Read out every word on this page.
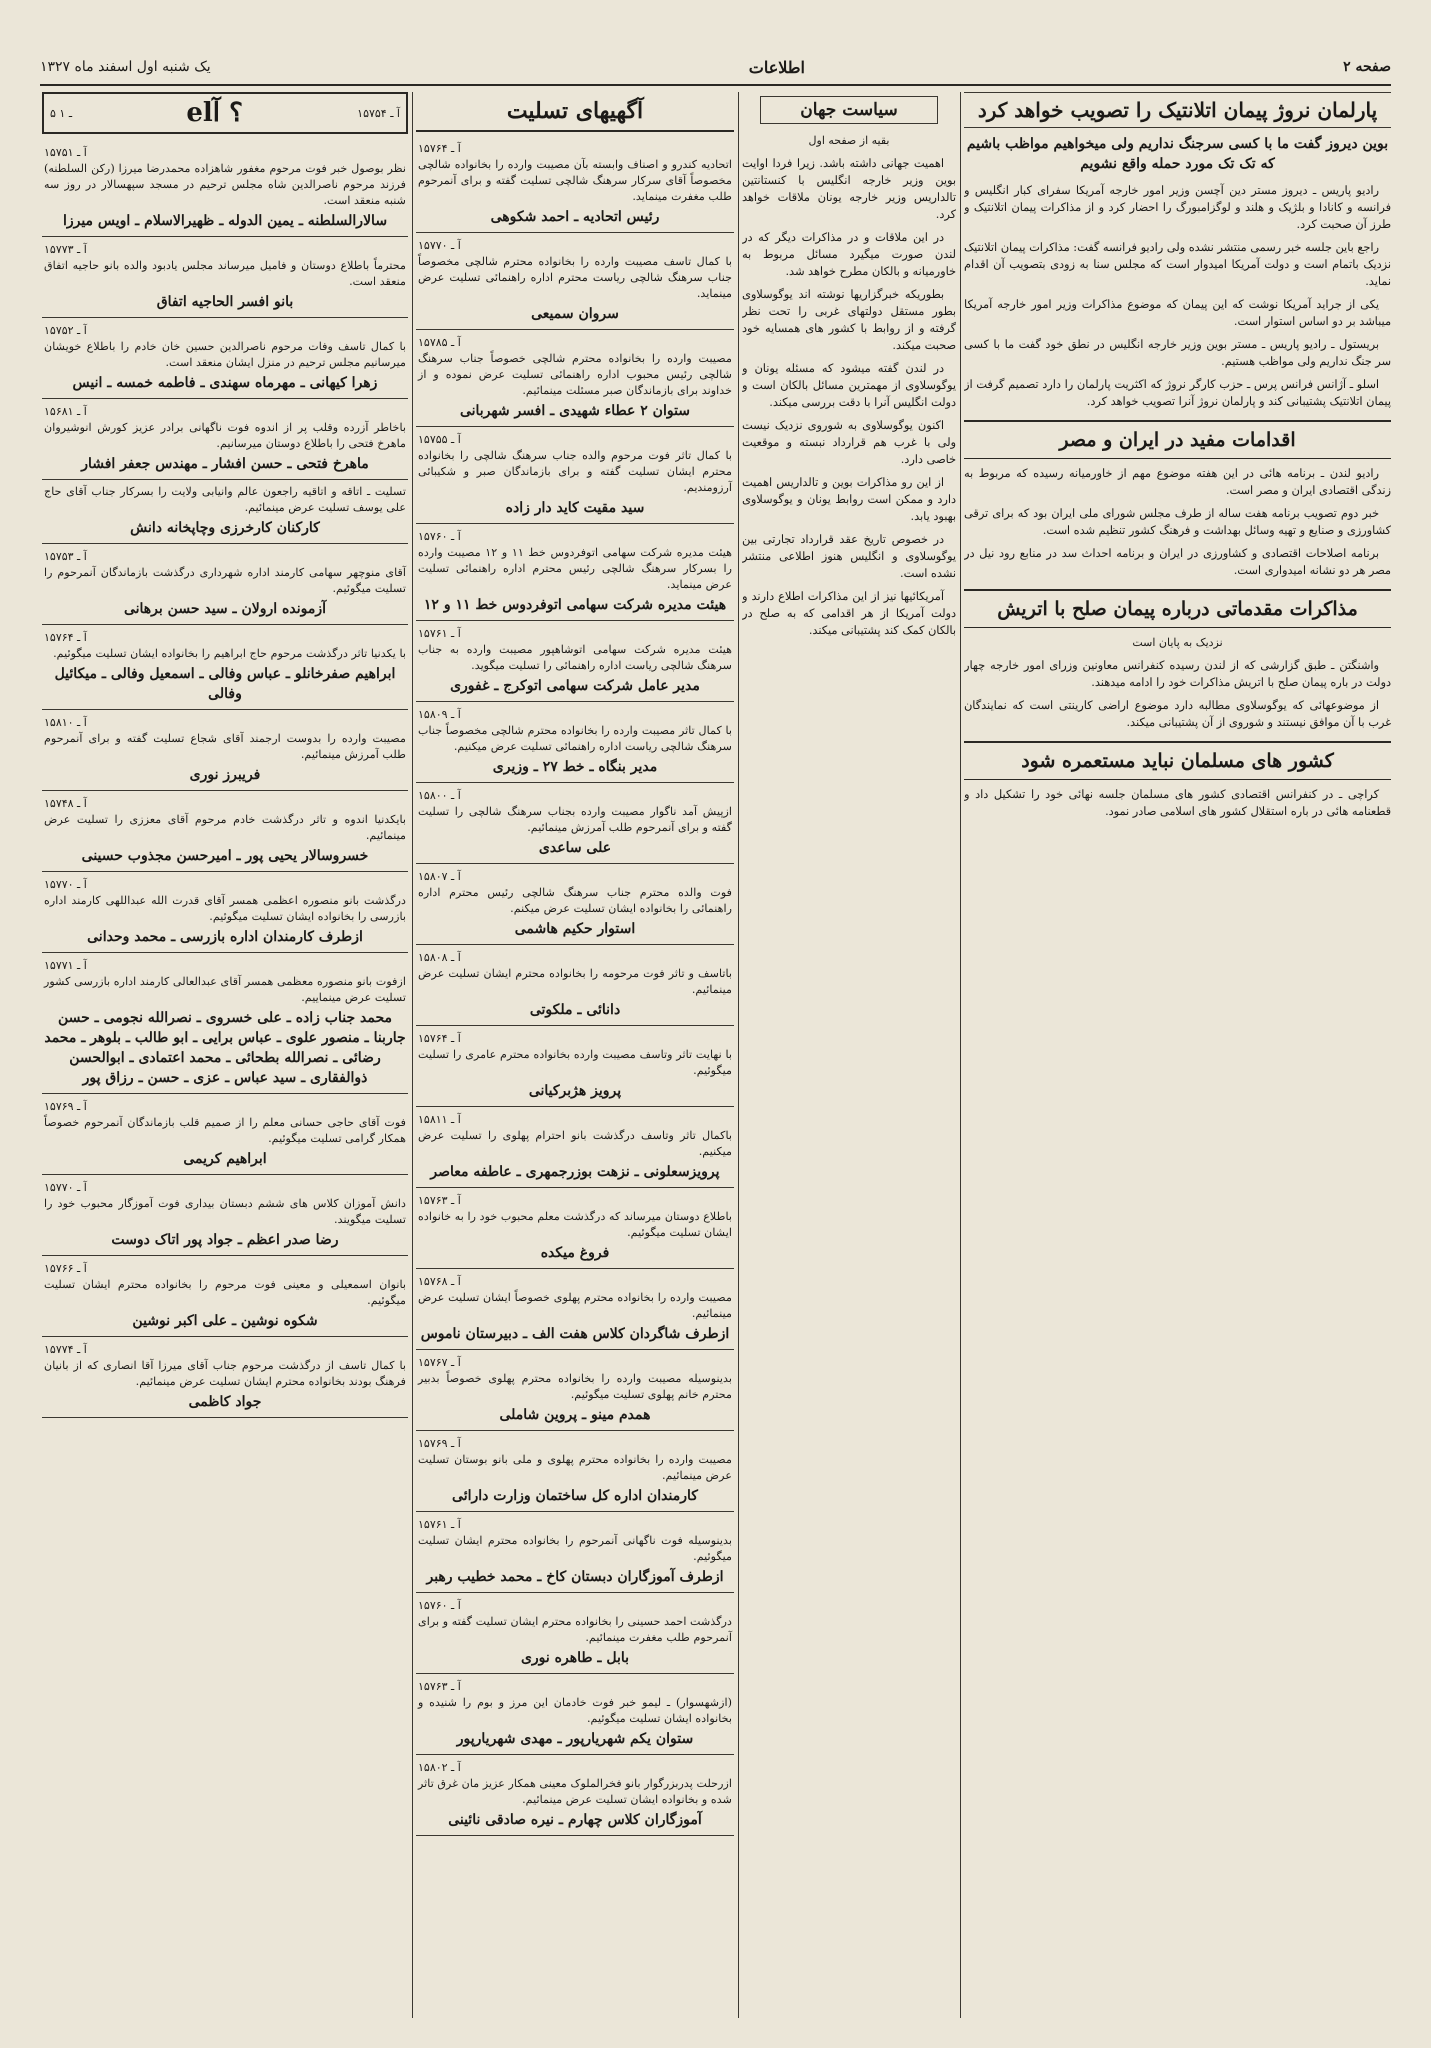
صفحه ۲
اطلاعات
یک شنبه اول اسفند ماه ۱۳۲۷
پارلمان نروژ پیمان اتلانتیک را تصویب خواهد کرد
بوین دیروز گفت ما با کسی سرجنگ نداریم ولی میخواهیم مواظب باشیم که تک تک مورد حمله واقع نشویم

رادیو پاریس ـ دیروز مستر دین آچسن وزیر امور خارجه آمریکا سفرای کبار انگلیس و فرانسه و کانادا و بلژیک و هلند و لوگزامبورگ را احضار کرد و از مذاکرات پیمان اتلانتیک و طرز آن صحبت کرد.

راجع باین جلسه خبر رسمی منتشر نشده ولی رادیو فرانسه گفت: مذاکرات پیمان اتلانتیک نزدیک باتمام است و دولت آمریکا امیدوار است که مجلس سنا به زودی بتصویب آن اقدام نماید.

یکی از جراید آمریکا نوشت که این پیمان که موضوع مذاکرات وزیر امور خارجه آمریکا میباشد بر دو اساس استوار است.

بریستول ـ رادیو پاریس ـ مستر بوین وزیر خارجه انگلیس در نطق خود گفت ما با کسی سر جنگ نداریم ولی مواظب هستیم.

اسلو ـ آژانس فرانس پرس ـ حزب کارگر نروژ که اکثریت پارلمان را دارد تصمیم گرفت از پیمان اتلانتیک پشتیبانی کند و پارلمان نروژ آنرا تصویب خواهد کرد.

اقدامات مفید در ایران و مصر

رادیو لندن ـ برنامه هائی در این هفته موضوع مهم از خاورمیانه رسیده که مربوط به زندگی اقتصادی ایران و مصر است.

خبر دوم تصویب برنامه هفت ساله از طرف مجلس شورای ملی ایران بود که برای ترقی کشاورزی و صنایع و تهیه وسائل بهداشت و فرهنگ کشور تنظیم شده است.

برنامه اصلاحات اقتصادی و کشاورزی در ایران و برنامه احداث سد در منابع رود نیل در مصر هر دو نشانه امیدواری است.

مذاکرات مقدماتی درباره پیمان صلح با اتریش
نزدیک به پایان است

واشنگتن ـ طبق گزارشی که از لندن رسیده کنفرانس معاونین وزرای امور خارجه چهار دولت در باره پیمان صلح با اتریش مذاکرات خود را ادامه میدهند.

از موضوعهائی که یوگوسلاوی مطالبه دارد موضوع اراضی کارینتی است که نمایندگان غرب با آن موافق نیستند و شوروی از آن پشتیبانی میکند.

کشور های مسلمان نباید مستعمره شود

کراچی ـ در کنفرانس اقتصادی کشور های مسلمان جلسه نهائی خود را تشکیل داد و قطعنامه هائی در باره استقلال کشور های اسلامی صادر نمود.

سیاست جهان
بقیه از صفحه اول

اهمیت جهانی داشته باشد. زیرا فردا اوایت بوین وزیر خارجه انگلیس با کنستانتین تالداریس وزیر خارجه یونان ملاقات خواهد کرد.

در این ملاقات و در مذاکرات دیگر که در لندن صورت میگیرد مسائل مربوط به خاورمیانه و بالکان مطرح خواهد شد.

بطوریکه خبرگزاریها نوشته اند یوگوسلاوی بطور مستقل دولتهای غربی را تحت نظر گرفته و از روابط با کشور های همسایه خود صحبت میکند.

در لندن گفته میشود که مسئله یونان و یوگوسلاوی از مهمترین مسائل بالکان است و دولت انگلیس آنرا با دقت بررسی میکند.

اکنون یوگوسلاوی به شوروی نزدیک نیست ولی با غرب هم قرارداد نبسته و موقعیت خاصی دارد.

از این رو مذاکرات بوین و تالداریس اهمیت دارد و ممکن است روابط یونان و یوگوسلاوی بهبود یابد.

در خصوص تاریخ عقد قرارداد تجارتی بین یوگوسلاوی و انگلیس هنوز اطلاعی منتشر نشده است.

آمریکائیها نیز از این مذاکرات اطلاع دارند و دولت آمریکا از هر اقدامی که به صلح در بالکان کمک کند پشتیبانی میکند.

آگهیهای تسلیت
آ ـ ۱۵۷۶۴
اتحادیه کندرو و اصناف وابسته بآن مصیبت وارده را بخانواده شالچی مخصوصاً آقای سرکار سرهنگ شالچی تسلیت گفته و برای آنمرحوم طلب مغفرت مینماید.
رئیس اتحادیه ـ احمد شکوهی
آ ـ ۱۵۷۷۰
با کمال تاسف مصیبت وارده را بخانواده محترم شالچی مخصوصاً جناب سرهنگ شالچی ریاست محترم اداره راهنمائی تسلیت عرض مینماید.
سروان سمیعی
آ ـ ۱۵۷۸۵
مصیبت وارده را بخانواده محترم شالچی خصوصاً جناب سرهنگ شالچی رئیس محبوب اداره راهنمائی تسلیت عرض نموده و از خداوند برای بازماندگان صبر مسئلت مینمائیم.
ستوان ۲ عطاء شهیدی ـ افسر شهربانی
آ ـ ۱۵۷۵۵
با کمال تاثر فوت مرحوم والده جناب سرهنگ شالچی را بخانواده محترم ایشان تسلیت گفته و برای بازماندگان صبر و شکیبائی آرزومندیم.
سید مقیت کاید دار زاده
آ ـ ۱۵۷۶۰
هیئت مدیره شرکت سهامی اتوفردوس خط ۱۱ و ۱۲ مصیبت وارده را بسرکار سرهنگ شالچی رئیس محترم اداره راهنمائی تسلیت عرض مینماید.
هیئت مدیره شرکت سهامی اتوفردوس خط ۱۱ و ۱۲
آ ـ ۱۵۷۶۱
هیئت مدیره شرکت سهامی اتوشاهپور مصیبت وارده به جناب سرهنگ شالچی ریاست اداره راهنمائی را تسلیت میگوید.
مدیر عامل شرکت سهامی اتوکرج ـ غفوری
آ ـ ۱۵۸۰۹
با کمال تاثر مصیبت وارده را بخانواده محترم شالچی مخصوصاً جناب سرهنگ شالچی ریاست اداره راهنمائی تسلیت عرض میکنیم.
مدیر بنگاه ـ خط ۲۷ ـ وزیری
آ ـ ۱۵۸۰۰
ازپیش آمد ناگوار مصیبت وارده بجناب سرهنگ شالچی را تسلیت گفته و برای آنمرحوم طلب آمرزش مینمائیم.
علی ساعدی
آ ـ ۱۵۸۰۷
فوت والده محترم جناب سرهنگ شالچی رئیس محترم اداره راهنمائی را بخانواده ایشان تسلیت عرض میکنم.
استوار حکیم هاشمی
آ ـ ۱۵۸۰۸
باتاسف و تاثر فوت مرحومه را بخانواده محترم ایشان تسلیت عرض مینمائیم.
دانائی ـ ملکوتی
آ ـ ۱۵۷۶۴
با نهایت تاثر وتاسف مصیبت وارده بخانواده محترم عامری را تسلیت میگوئیم.
پرویز هژبرکیانی
آ ـ ۱۵۸۱۱
باکمال تاثر وتاسف درگذشت بانو احترام پهلوی را تسلیت عرض میکنیم.
پرویزسعلونی ـ نزهت بوزرجمهری ـ عاطفه معاصر
آ ـ ۱۵۷۶۳
باطلاع دوستان میرساند که درگذشت معلم محبوب خود را به خانواده ایشان تسلیت میگوئیم.
فروغ میکده
آ ـ ۱۵۷۶۸
مصیبت وارده را بخانواده محترم پهلوی خصوصاً ایشان تسلیت عرض مینمائیم.
ازطرف شاگردان کلاس هفت الف ـ دبیرستان ناموس
آ ـ ۱۵۷۶۷
بدینوسیله مصیبت وارده را بخانواده محترم پهلوی خصوصاً بدبیر محترم خانم پهلوی تسلیت میگوئیم.
همدم مینو ـ پروین شاملی
آ ـ ۱۵۷۶۹
مصیبت وارده را بخانواده محترم پهلوی و ملی بانو بوستان تسلیت عرض مینمائیم.
کارمندان اداره کل ساختمان وزارت دارائی
آ ـ ۱۵۷۶۱
بدینوسیله فوت ناگهانی آنمرحوم را بخانواده محترم ایشان تسلیت میگوئیم.
ازطرف آموزگاران دبستان کاخ ـ محمد خطیب رهبر
آ ـ ۱۵۷۶۰
درگذشت احمد حسینی را بخانواده محترم ایشان تسلیت گفته و برای آنمرحوم طلب مغفرت مینمائیم.
بابل ـ طاهره نوری
آ ـ ۱۵۷۶۳
(ازشهسوار) ـ لیمو خبر فوت خادمان این مرز و بوم را شنیده و بخانواده ایشان تسلیت میگوئیم.
ستوان یکم شهریارپور ـ مهدی شهریارپور
آ ـ ۱۵۸۰۲
ازرحلت پدربزرگوار بانو فخرالملوک معینی همکار عزیز مان غرق تاثر شده و بخانواده ایشان تسلیت عرض مینمائیم.
آموزگاران کلاس چهارم ـ نیره صادقی نائینی
۵ ـ ۱	el؟ آ	آ ـ ۱۵۷۵۴
آ ـ ۱۵۷۵۱
نظر بوصول خبر فوت مرحوم مغفور شاهزاده محمدرضا میرزا (رکن السلطنه) فرزند مرحوم ناصرالدین شاه مجلس ترحیم در مسجد سپهسالار در روز سه شنبه منعقد است.
سالارالسلطنه ـ یمین الدوله ـ ظهیرالاسلام ـ اویس میرزا
آ ـ ۱۵۷۷۳
محترماً باطلاع دوستان و فامیل میرساند مجلس یادبود والده بانو حاجیه اتفاق منعقد است.
بانو افسر الحاجیه اتفاق
آ ـ ۱۵۷۵۲
با کمال تاسف وفات مرحوم ناصرالدین حسین خان خادم را باطلاع خویشان میرسانیم مجلس ترحیم در منزل ایشان منعقد است.
زهرا کیهانی ـ مهرماه سهندی ـ فاطمه خمسه ـ انیس
آ ـ ۱۵۶۸۱
باخاطر آزرده وقلب پر از اندوه فوت ناگهانی برادر عزیز کورش انوشیروان ماهرخ فتحی را باطلاع دوستان میرسانیم.
ماهرخ فتحی ـ حسن افشار ـ مهندس جعفر افشار
تسلیت ـ اتاقه و اتاقیه راجعون عالم وانیابی ولایت را بسرکار جناب آقای حاج علی یوسف تسلیت عرض مینمائیم.
کارکنان کارخرزی وچاپخانه دانش
آ ـ ۱۵۷۵۳
آقای منوچهر سهامی کارمند اداره شهرداری درگذشت بازماندگان آنمرحوم را تسلیت میگوئیم.
آزمونده ارولان ـ سید حسن برهانی
آ ـ ۱۵۷۶۴
با یکدنیا تاثر درگذشت مرحوم حاج ابراهیم را بخانواده ایشان تسلیت میگوئیم.
ابراهیم صفرخانلو ـ عباس وفالی ـ اسمعیل وفالی ـ میکائیل وفالی
آ ـ ۱۵۸۱۰
مصیبت وارده را بدوست ارجمند آقای شجاع تسلیت گفته و برای آنمرحوم طلب آمرزش مینمائیم.
فریبرز نوری
آ ـ ۱۵۷۴۸
بایکدنیا اندوه و تاثر درگذشت خادم مرحوم آقای معززی را تسلیت عرض مینمائیم.
خسروسالار یحیی پور ـ امیرحسن مجذوب حسینی
آ ـ ۱۵۷۷۰
درگذشت بانو منصوره اعظمی همسر آقای قدرت الله عبداللهی کارمند اداره بازرسی را بخانواده ایشان تسلیت میگوئیم.
ازطرف کارمندان اداره بازرسی ـ محمد وحدانی
آ ـ ۱۵۷۷۱
ازفوت بانو منصوره معظمی همسر آقای عبدالعالی کارمند اداره بازرسی کشور تسلیت عرض مینماییم.
محمد جناب زاده ـ علی خسروی ـ نصرالله نجومی ـ حسن جاربنا ـ منصور علوی ـ عباس برایی ـ ابو طالب ـ بلوهر ـ محمد رضائی ـ نصرالله بطحائی ـ محمد اعتمادی ـ ابوالحسن ذوالفقاری ـ سید عباس ـ عزی ـ حسن ـ رزاق پور
آ ـ ۱۵۷۶۹
فوت آقای حاجی حسانی معلم را از صمیم قلب بازماندگان آنمرحوم خصوصاً همکار گرامی تسلیت میگوئیم.
ابراهیم کریمی
آ ـ ۱۵۷۷۰
دانش آموزان کلاس های ششم دبستان بیداری فوت آموزگار محبوب خود را تسلیت میگویند.
رضا صدر اعظم ـ جواد پور اتاک دوست
آ ـ ۱۵۷۶۶
بانوان اسمعیلی و معینی فوت مرحوم را بخانواده محترم ایشان تسلیت میگوئیم.
شکوه نوشین ـ علی اکبر نوشین
آ ـ ۱۵۷۷۴
با کمال تاسف از درگذشت مرحوم جناب آقای میرزا آقا انصاری که از بانیان فرهنگ بودند بخانواده محترم ایشان تسلیت عرض مینمائیم.
جواد کاظمی
